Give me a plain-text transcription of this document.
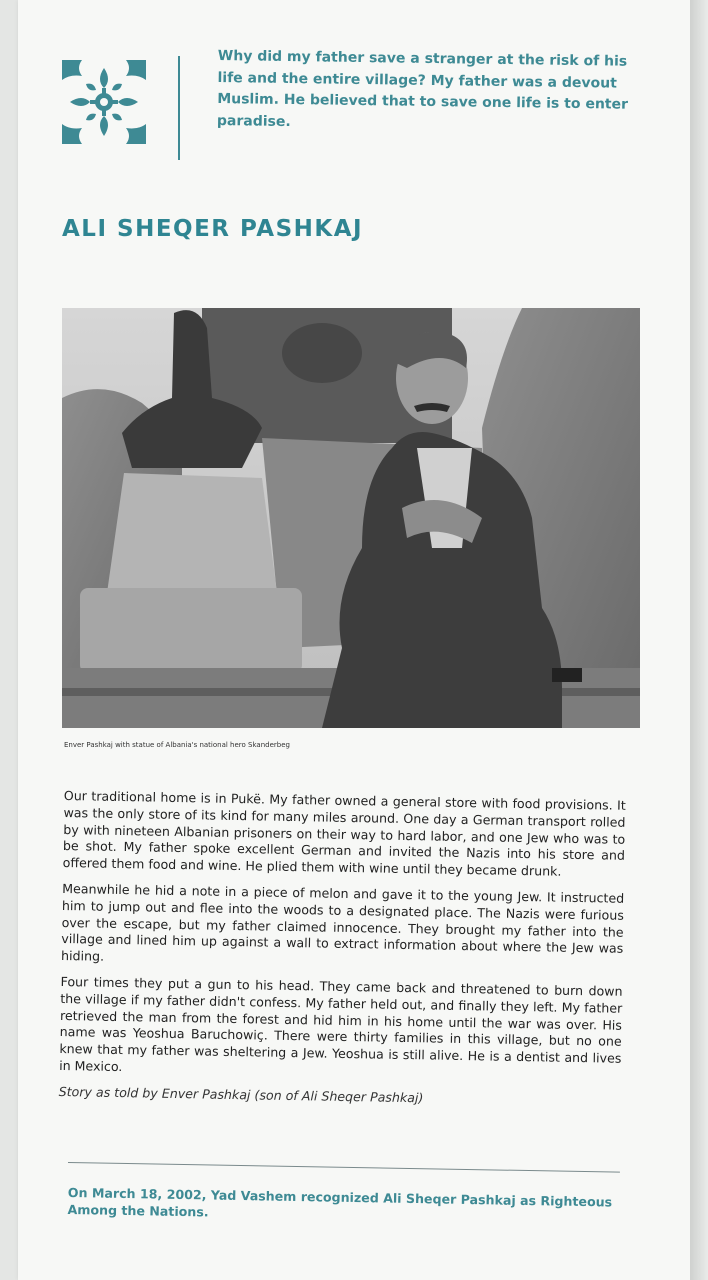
Why did my father save a stranger at the risk of his life and the entire village? My father was a devout Muslim. He believed that to save one life is to enter paradise.
ALI SHEQER PASHKAJ
Enver Pashkaj with statue of Albania's national hero Skanderbeg

Our traditional home is in Pukë. My father owned a general store with food provisions. It was the only store of its kind for many miles around. One day a German transport rolled by with nineteen Albanian prisoners on their way to hard labor, and one Jew who was to be shot. My father spoke excellent German and invited the Nazis into his store and offered them food and wine. He plied them with wine until they became drunk.

Meanwhile he hid a note in a piece of melon and gave it to the young Jew. It instructed him to jump out and flee into the woods to a designated place. The Nazis were furious over the escape, but my father claimed innocence. They brought my father into the village and lined him up against a wall to extract information about where the Jew was hiding.

Four times they put a gun to his head. They came back and threatened to burn down the village if my father didn't confess. My father held out, and finally they left. My father retrieved the man from the forest and hid him in his home until the war was over. His name was Yeoshua Baruchowiç. There were thirty families in this village, but no one knew that my father was sheltering a Jew. Yeoshua is still alive. He is a dentist and lives in Mexico.

Story as told by Enver Pashkaj (son of Ali Sheqer Pashkaj)

On March 18, 2002, Yad Vashem recognized Ali Sheqer Pashkaj as Righteous Among the Nations.
